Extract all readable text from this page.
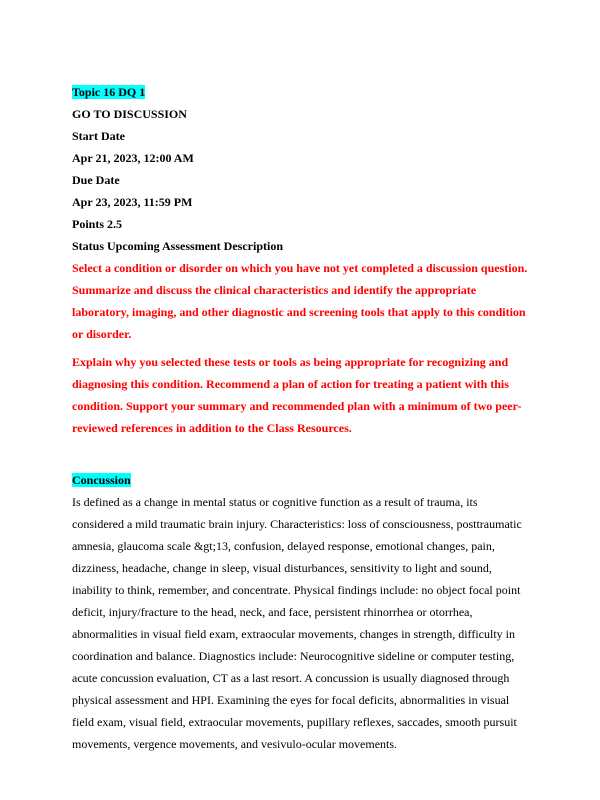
Topic 16 DQ 1

GO TO DISCUSSION

Start Date

Apr 21, 2023, 12:00 AM

Due Date

Apr 23, 2023, 11:59 PM

Points 2.5

Status Upcoming Assessment Description

Select a condition or disorder on which you have not yet completed a discussion question. Summarize and discuss the clinical characteristics and identify the appropriate laboratory, imaging, and other diagnostic and screening tools that apply to this condition or disorder.

Explain why you selected these tests or tools as being appropriate for recognizing and diagnosing this condition. Recommend a plan of action for treating a patient with this condition. Support your summary and recommended plan with a minimum of two peer-reviewed references in addition to the Class Resources.

Concussion

Is defined as a change in mental status or cognitive function as a result of trauma, its considered a mild traumatic brain injury. Characteristics: loss of consciousness, posttraumatic amnesia, glaucoma scale &gt;13, confusion, delayed response, emotional changes, pain, dizziness, headache, change in sleep, visual disturbances, sensitivity to light and sound, inability to think, remember, and concentrate. Physical findings include: no object focal point deficit, injury/fracture to the head, neck, and face, persistent rhinorrhea or otorrhea, abnormalities in visual field exam, extraocular movements, changes in strength, difficulty in coordination and balance. Diagnostics include: Neurocognitive sideline or computer testing, acute concussion evaluation, CT as a last resort. A concussion is usually diagnosed through physical assessment and HPI. Examining the eyes for focal deficits, abnormalities in visual field exam, visual field, extraocular movements, pupillary reflexes, saccades, smooth pursuit movements, vergence movements, and vesivulo-ocular movements.
